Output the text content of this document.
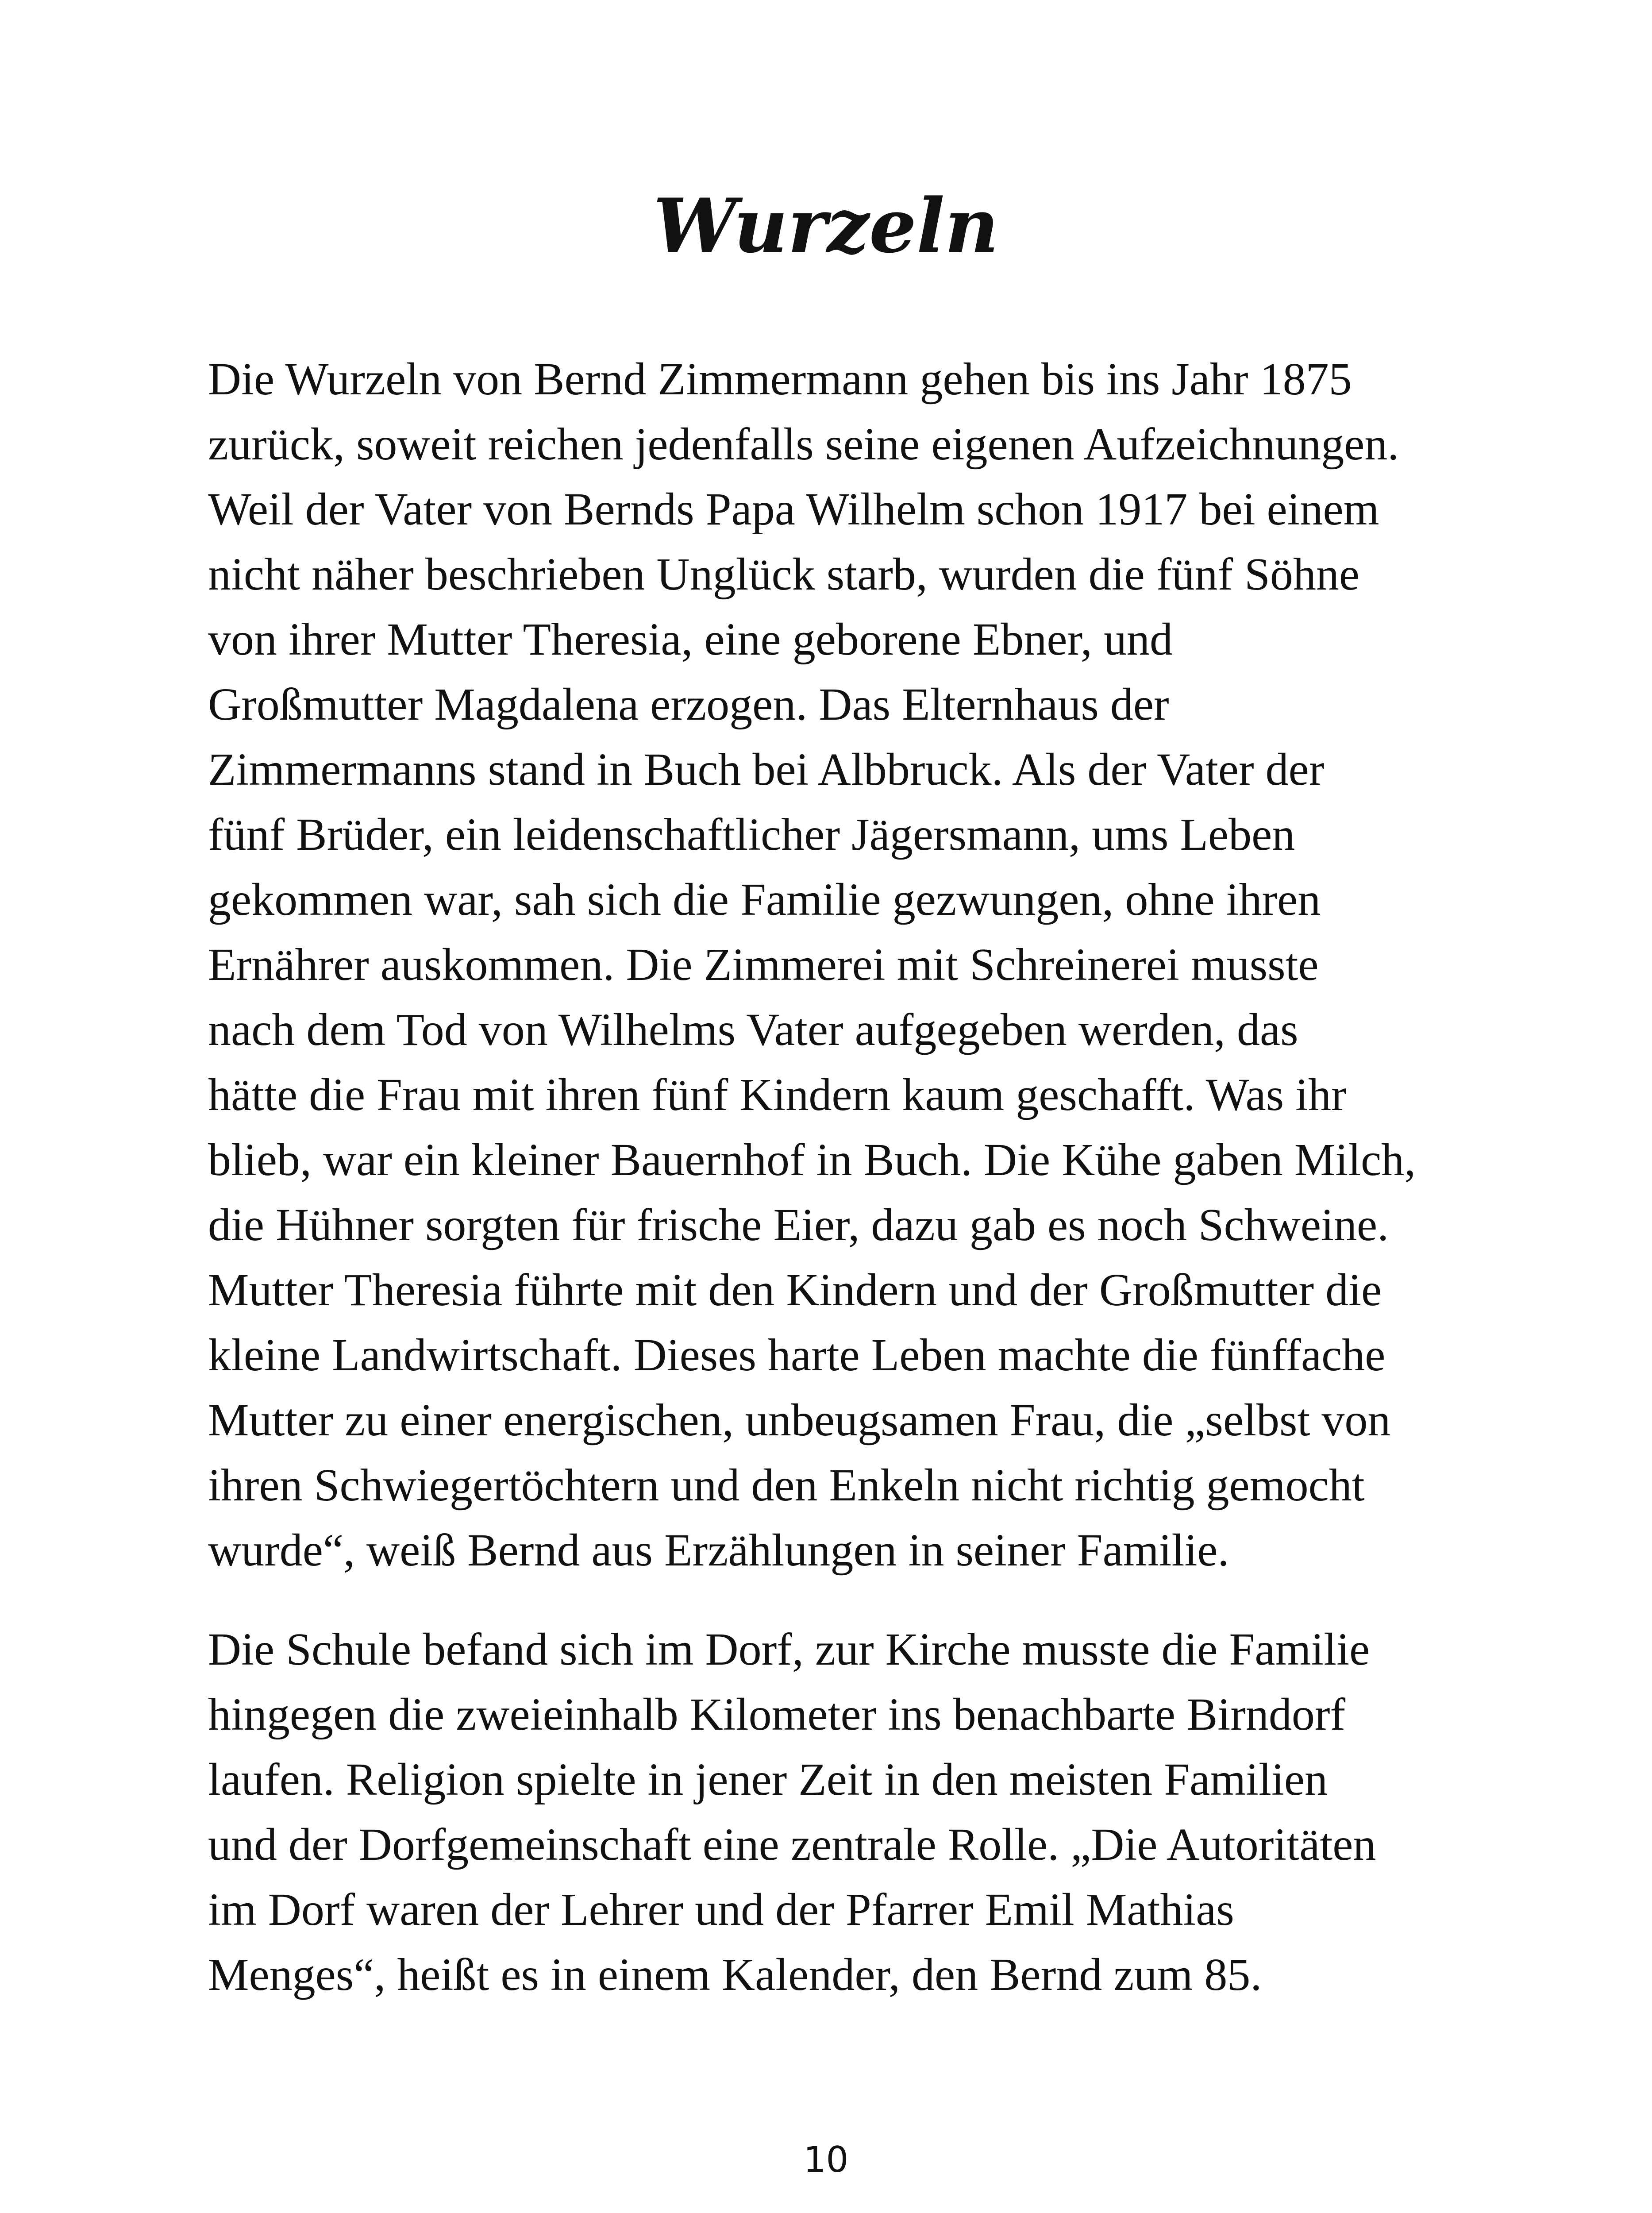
Wurzeln
Die Wurzeln von Bernd Zimmermann gehen bis ins Jahr 1875
zurück, soweit reichen jedenfalls seine eigenen Aufzeichnungen.
Weil der Vater von Bernds Papa Wilhelm schon 1917 bei einem
nicht näher beschrieben Unglück starb, wurden die fünf Söhne
von ihrer Mutter Theresia, eine geborene Ebner, und
Großmutter Magdalena erzogen. Das Elternhaus der
Zimmermanns stand in Buch bei Albbruck. Als der Vater der
fünf Brüder, ein leidenschaftlicher Jägersmann, ums Leben
gekommen war, sah sich die Familie gezwungen, ohne ihren
Ernährer auskommen. Die Zimmerei mit Schreinerei musste
nach dem Tod von Wilhelms Vater aufgegeben werden, das
hätte die Frau mit ihren fünf Kindern kaum geschafft. Was ihr
blieb, war ein kleiner Bauernhof in Buch. Die Kühe gaben Milch,
die Hühner sorgten für frische Eier, dazu gab es noch Schweine.
Mutter Theresia führte mit den Kindern und der Großmutter die
kleine Landwirtschaft. Dieses harte Leben machte die fünffache
Mutter zu einer energischen, unbeugsamen Frau, die „selbst von
ihren Schwiegertöchtern und den Enkeln nicht richtig gemocht
wurde“, weiß Bernd aus Erzählungen in seiner Familie.
Die Schule befand sich im Dorf, zur Kirche musste die Familie
hingegen die zweieinhalb Kilometer ins benachbarte Birndorf
laufen. Religion spielte in jener Zeit in den meisten Familien
und der Dorfgemeinschaft eine zentrale Rolle. „Die Autoritäten
im Dorf waren der Lehrer und der Pfarrer Emil Mathias
Menges“, heißt es in einem Kalender, den Bernd zum 85.
10
